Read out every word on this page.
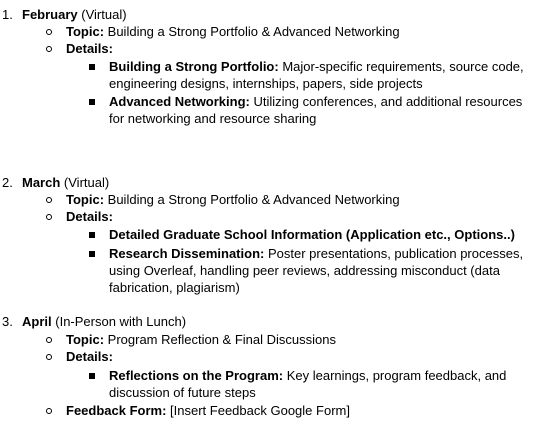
1. February (Virtual)
Topic: Building a Strong Portfolio & Advanced Networking
Details:
Building a Strong Portfolio: Major-specific requirements, source code,
engineering designs, internships, papers, side projects
Advanced Networking: Utilizing conferences, and additional resources
for networking and resource sharing
2. March (Virtual)
Topic: Building a Strong Portfolio & Advanced Networking
Details:
Detailed Graduate School Information (Application etc., Options..)
Research Dissemination: Poster presentations, publication processes,
using Overleaf, handling peer reviews, addressing misconduct (data
fabrication, plagiarism)
3. April (In-Person with Lunch)
Topic: Program Reflection & Final Discussions
Details:
Reflections on the Program: Key learnings, program feedback, and
discussion of future steps
Feedback Form: [Insert Feedback Google Form]
